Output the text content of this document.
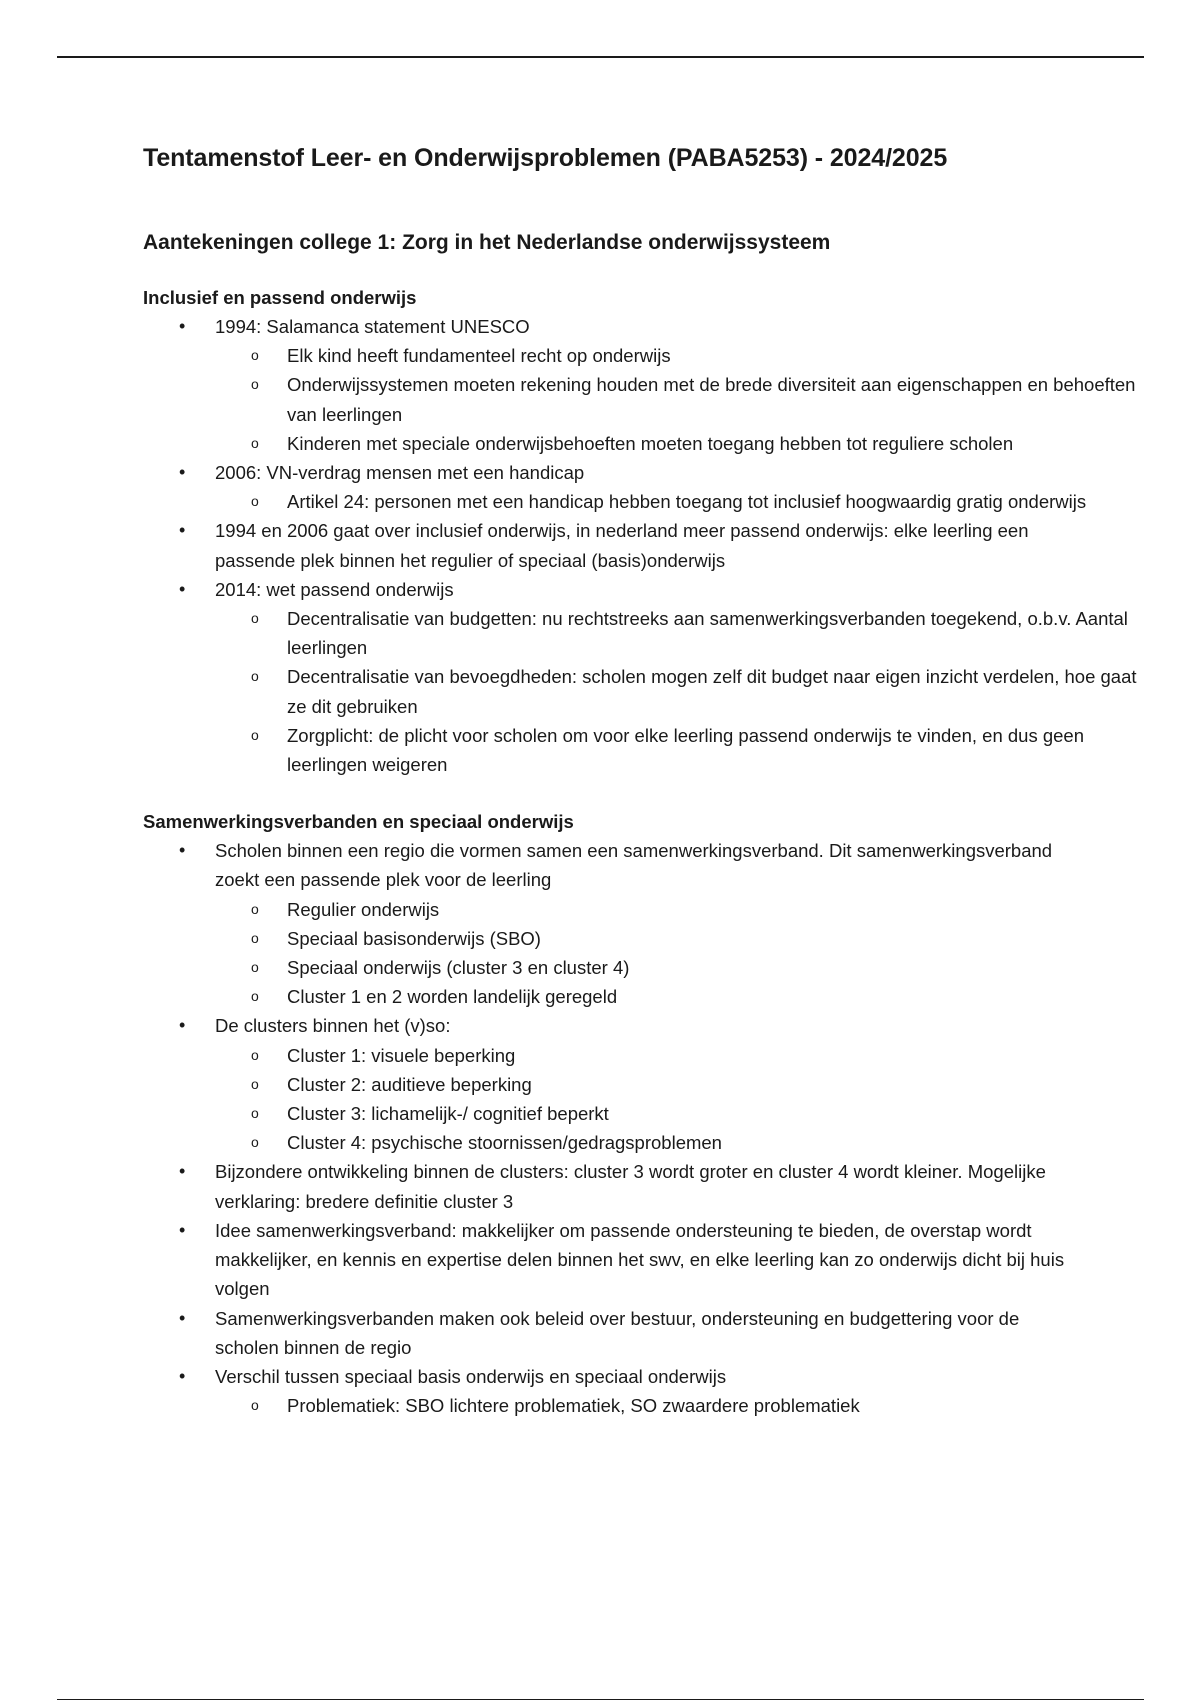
Tentamenstof Leer- en Onderwijsproblemen (PABA5253) - 2024/2025
Aantekeningen college 1: Zorg in het Nederlandse onderwijssysteem
Inclusief en passend onderwijs
• 1994: Salamanca statement UNESCO
o Elk kind heeft fundamenteel recht op onderwijs
o Onderwijssystemen moeten rekening houden met de brede diversiteit aan eigenschappen en behoeften van leerlingen
o Kinderen met speciale onderwijsbehoeften moeten toegang hebben tot reguliere scholen
• 2006: VN-verdrag mensen met een handicap
o Artikel 24: personen met een handicap hebben toegang tot inclusief hoogwaardig gratig onderwijs
• 1994 en 2006 gaat over inclusief onderwijs, in nederland meer passend onderwijs: elke leerling een passende plek binnen het regulier of speciaal (basis)onderwijs
• 2014: wet passend onderwijs
o Decentralisatie van budgetten: nu rechtstreeks aan samenwerkingsverbanden toegekend, o.b.v. Aantal leerlingen
o Decentralisatie van bevoegdheden: scholen mogen zelf dit budget naar eigen inzicht verdelen, hoe gaat ze dit gebruiken
o Zorgplicht: de plicht voor scholen om voor elke leerling passend onderwijs te vinden, en dus geen leerlingen weigeren
Samenwerkingsverbanden en speciaal onderwijs
• Scholen binnen een regio die vormen samen een samenwerkingsverband. Dit samenwerkingsverband zoekt een passende plek voor de leerling
o Regulier onderwijs
o Speciaal basisonderwijs (SBO)
o Speciaal onderwijs (cluster 3 en cluster 4)
o Cluster 1 en 2 worden landelijk geregeld
• De clusters binnen het (v)so:
o Cluster 1: visuele beperking
o Cluster 2: auditieve beperking
o Cluster 3: lichamelijk-/ cognitief beperkt
o Cluster 4: psychische stoornissen/gedragsproblemen
• Bijzondere ontwikkeling binnen de clusters: cluster 3 wordt groter en cluster 4 wordt kleiner. Mogelijke verklaring: bredere definitie cluster 3
• Idee samenwerkingsverband: makkelijker om passende ondersteuning te bieden, de overstap wordt makkelijker, en kennis en expertise delen binnen het swv, en elke leerling kan zo onderwijs dicht bij huis volgen
• Samenwerkingsverbanden maken ook beleid over bestuur, ondersteuning en budgettering voor de scholen binnen de regio
• Verschil tussen speciaal basis onderwijs en speciaal onderwijs
o Problematiek: SBO lichtere problematiek, SO zwaardere problematiek
